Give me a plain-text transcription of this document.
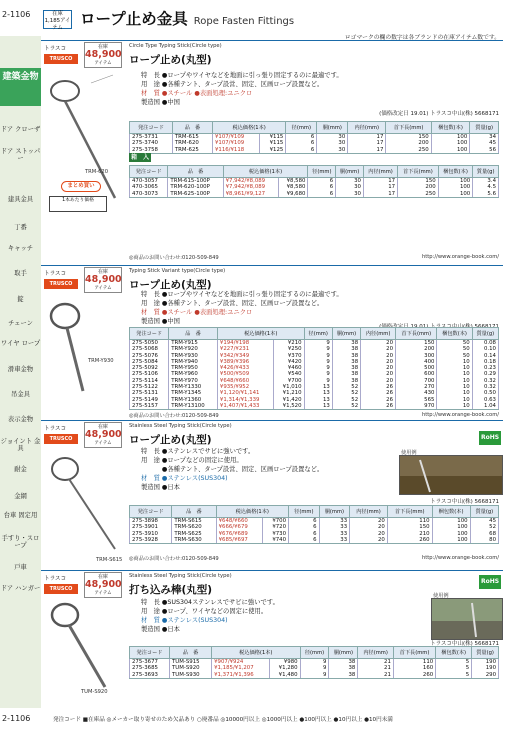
建築金物
ドア クローザ
ドア ストッパー
建具金具
丁番
キャッチ
取手
錠
チェーン
ワイヤ ロープ
滑車金物
吊金具
表示金物
ジョイント 金具
耐金
金網
台車 固定用
手すり・スロープ
戸車
ドア ハンガー
2-1106	在庫
1,185アイテム	ロープ止め金具 Rope Fasten Fittings
ロゴマークの欄の数字は各ブランドの在庫アイテム数です。
トラスコ
TRUSCO
在庫
48,900
アイテム
Circle Type Typing Stick(Circle type)
ロープ止め(丸型)
特　長 ●ロープやワイヤなどを地面に引っ張り固定するのに最適です。
用　途 ●各種テント、タープ設営、固定、区画ロープ設置など。
材　質 ●スチール ●表面処理:ユニクロ
製造国 ●中国
(価格改定日 19.01) トラスコ中山(株) 5668171
TRM-620
まとめ買い
1本あたり価格
発注コード	品　番	税込価格(1本)		径(mm)	胴(mm)	内径(mm)	首下長(mm)	梱包数(本)	質量(g)
275-3731	TRM-615	¥107/¥109	¥115	6	30	17	150	100	34
275-3740	TRM-620	¥107/¥109	¥115	6	30	17	200	100	45
275-3758	TRM-625	¥116/¥118	¥125	6	30	17	250	100	56
箱　入
発注コード	品　番	税込価格(1本)		径(mm)	胴(mm)	内径(mm)	首下長(mm)	梱包数(本)	質量(g)
470-3057	TRM-615-100P	¥7,942/¥8,089	¥8,580	6	30	17	150	100	3.4
470-3065	TRM-620-100P	¥7,942/¥8,089	¥8,580	6	30	17	200	100	4.5
470-3073	TRM-625-100P	¥8,961/¥9,127	¥9,680	6	30	17	250	100	5.6
◎商品のお問い合わせ:0120-509-849	http://www.orange-book.com/
トラスコ
TRUSCO
在庫
48,900
アイテム
Typing Stick Variant type(Circle type)
ロープ止め(丸型)
特　長 ●ロープやワイヤなどを地面に引っ張り固定するのに最適です。
用　途 ●各種テント、タープ設営、固定、区画ロープ設置など。
材　質 ●スチール ●表面処理:ユニクロ
製造国 ●中国
TRM-Y930
発注コード	品　番	税込価格(1本)		径(mm)	胴(mm)	内径(mm)	首下長(mm)	梱包数(本)	質量(g)
275-5050	TRM-Y915	¥194/¥198	¥210	9	38	20	150	50	0.08
275-5068	TRM-Y920	¥227/¥231	¥250	9	38	20	200	50	0.10
275-5076	TRM-Y930	¥342/¥349	¥370	9	38	20	300	50	0.14
275-5084	TRM-Y940	¥389/¥396	¥420	9	38	20	400	10	0.18
275-5092	TRM-Y950	¥426/¥433	¥460	9	38	20	500	10	0.23
275-5106	TRM-Y960	¥500/¥509	¥540	9	38	20	600	10	0.29
275-5114	TRM-Y970	¥648/¥660	¥700	9	38	20	700	10	0.32
275-5122	TRM-Y1330	¥935/¥952	¥1,010	13	52	26	270	10	0.32
275-5131	TRM-Y1345	¥1,120/¥1,141	¥1,210	13	52	26	430	10	0.50
275-5149	TRM-Y1360	¥1,314/¥1,339	¥1,420	13	52	26	565	10	0.63
275-5157	TRM-Y13100	¥1,407/¥1,433	¥1,520	13	52	26	970	10	1.04
◎商品のお問い合わせ:0120-509-849	http://www.orange-book.com/
トラスコ
TRUSCO
在庫
48,900
アイテム
Stainless Steel Typing Stick(Circle type)
ロープ止め(丸型)	RoHS
特　長 ●ステンレスでサビに強いです。
用　途 ●ロープなどの固定に使用。
　　　 ●各種テント、タープ設営、固定、区画ロープ設置など。
材　質 ●ステンレス(SUS304)
製造国 ●日本
使用例
トラスコ中山(株) 5668171
TRM-S615
発注コード	品　番	税込価格(1本)		径(mm)	胴(mm)	内径(mm)	首下長(mm)	梱包数(本)	質量(g)
275-3898	TRM-S615	¥648/¥660	¥700	6	33	20	110	100	45
275-3901	TRM-S620	¥666/¥679	¥720	6	33	20	150	100	52
275-3910	TRM-S625	¥676/¥689	¥730	6	33	20	210	100	68
275-3928	TRM-S630	¥685/¥697	¥740	6	33	20	260	100	80
◎商品のお問い合わせ:0120-509-849	http://www.orange-book.com/
トラスコ
TRUSCO
在庫
48,900
アイテム
Stainless Steel Typing Stick(Circle type)
打ち込み棒(丸型)
RoHS
特　長 ●SUS304ステンレスでサビに強いです。
用　途 ●ロープ、ワイヤなどの固定に使用。
材　質 ●ステンレス(SUS304)
製造国 ●日本
使用例
トラスコ中山(株) 5668171
TUM-S920
発注コード	品　番	税込価格(1本)		径(mm)	胴(mm)	内径(mm)	首下長(mm)	梱包数(本)	質量(g)
275-3677	TUM-S915	¥907/¥924	¥980	9	38	21	110	5	190
275-3685	TUM-S920	¥1,185/¥1,207	¥1,280	9	38	21	160	5	190
275-3693	TUM-S930	¥1,371/¥1,396	¥1,480	9	38	21	260	5	290
2-1106	発注コード ■在庫品 ◎メーカー取り寄せのため欠品あり ○廃番品 ◎10000円以上 ◎1000円以上 ●100円以上 ●10円以上 ●10円未満
